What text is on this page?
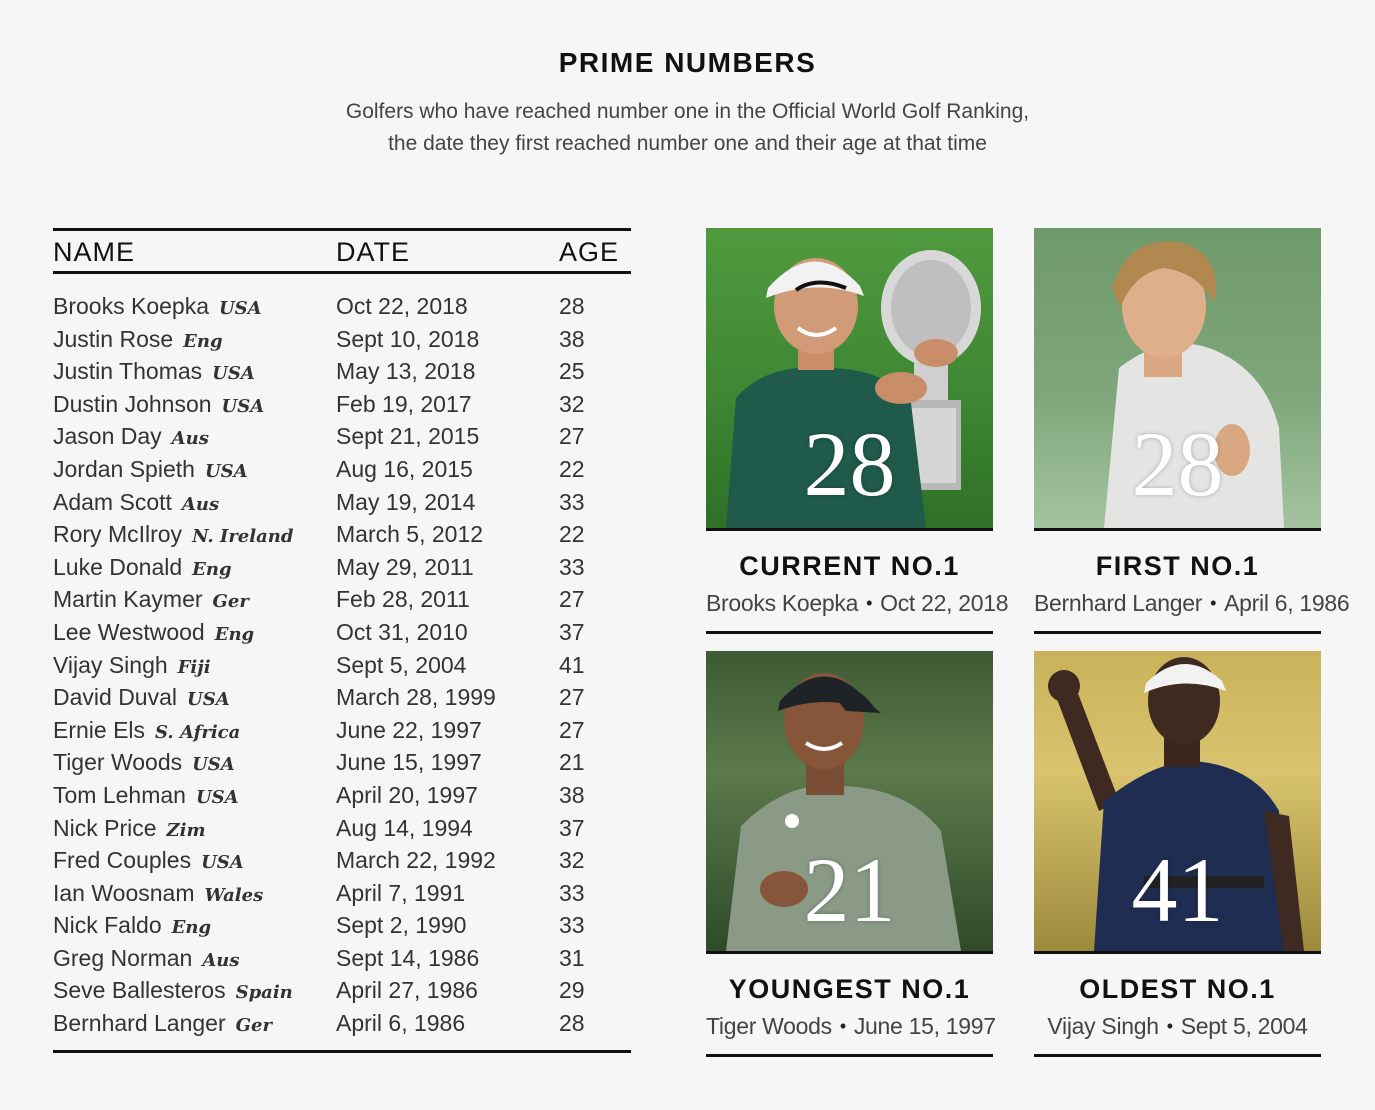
PRIME NUMBERS
Golfers who have reached number one in the Official World Golf Ranking,
the date they first reached number one and their age at that time
NAME	DATE	AGE
Brooks Koepka USA	Oct 22, 2018	28
Justin Rose Eng	Sept 10, 2018	38
Justin Thomas USA	May 13, 2018	25
Dustin Johnson USA	Feb 19, 2017	32
Jason Day Aus	Sept 21, 2015	27
Jordan Spieth USA	Aug 16, 2015	22
Adam Scott Aus	May 19, 2014	33
Rory McIlroy N. Ireland March 5, 2012	22
Luke Donald Eng	May 29, 2011	33
Martin Kaymer Ger	Feb 28, 2011	27
Lee Westwood Eng	Oct 31, 2010	37
Vijay Singh Fiji	Sept 5, 2004	41
David Duval USA	March 28, 1999	27
Ernie Els S. Africa	June 22, 1997	27
Tiger Woods USA	June 15, 1997	21
Tom Lehman USA	April 20, 1997	38
Nick Price Zim	Aug 14, 1994	37
Fred Couples USA	March 22, 1992	32
Ian Woosnam Wales	April 7, 1991	33
Nick Faldo Eng	Sept 2, 1990	33
Greg Norman Aus	Sept 14, 1986	31
Seve Ballesteros Spain April 27, 1986	29
Bernhard Langer Ger	April 6, 1986	28
28
CURRENT NO.1
Brooks Koepka • Oct 22, 2018
28
FIRST NO.1
Bernhard Langer • April 6, 1986
21
YOUNGEST NO.1
Tiger Woods • June 15, 1997
41
OLDEST NO.1
Vijay Singh • Sept 5, 2004
